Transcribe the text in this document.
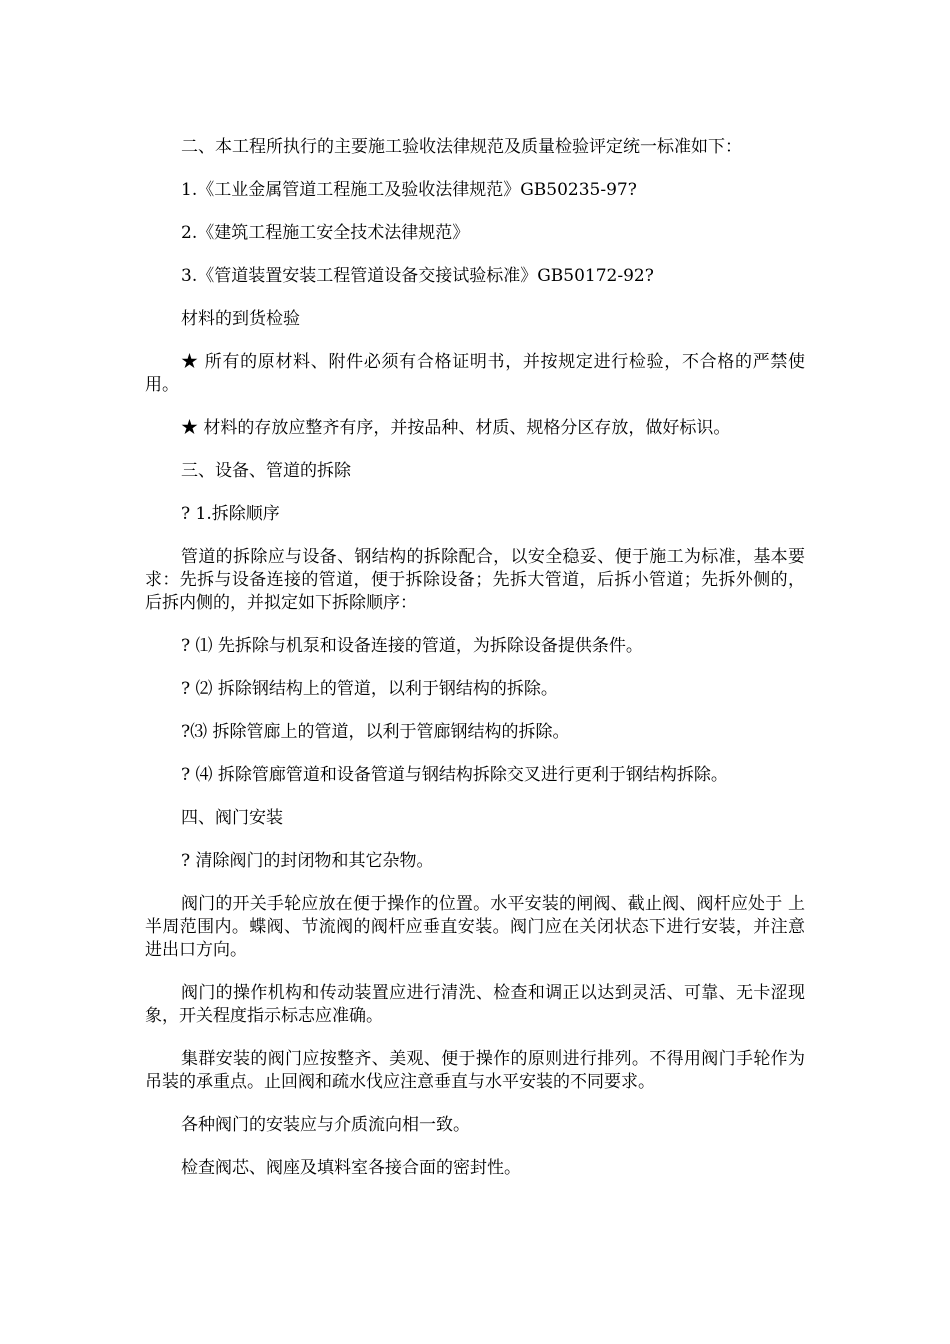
二、本工程所执行的主要施工验收法律规范及质量检验评定统一标准如下：

1.《工业金属管道工程施工及验收法律规范》GB50235-97?

2.《建筑工程施工安全技术法律规范》

3.《管道装置安装工程管道设备交接试验标准》GB50172-92?

材料的到货检验

★ 所有的原材料、附件必须有合格证明书，并按规定进行检验，不合格的严禁使用。

★ 材料的存放应整齐有序，并按品种、材质、规格分区存放，做好标识。

三、设备、管道的拆除

? 1.拆除顺序

管道的拆除应与设备、钢结构的拆除配合，以安全稳妥、便于施工为标准，基本要求：先拆与设备连接的管道，便于拆除设备；先拆大管道，后拆小管道；先拆外侧的，后拆内侧的，并拟定如下拆除顺序：

? ⑴ 先拆除与机泵和设备连接的管道，为拆除设备提供条件。

? ⑵ 拆除钢结构上的管道，以利于钢结构的拆除。

?⑶ 拆除管廊上的管道，以利于管廊钢结构的拆除。

? ⑷ 拆除管廊管道和设备管道与钢结构拆除交叉进行更利于钢结构拆除。

四、阀门安装

? 清除阀门的封闭物和其它杂物。

阀门的开关手轮应放在便于操作的位置。水平安装的闸阀、截止阀、阀杆应处于 上半周范围内。蝶阀、节流阀的阀杆应垂直安装。阀门应在关闭状态下进行安装，并注意进出口方向。

阀门的操作机构和传动装置应进行清洗、检查和调正以达到灵活、可靠、无卡涩现象，开关程度指示标志应准确。

集群安装的阀门应按整齐、美观、便于操作的原则进行排列。不得用阀门手轮作为吊装的承重点。止回阀和疏水伐应注意垂直与水平安装的不同要求。

各种阀门的安装应与介质流向相一致。

检查阀芯、阀座及填料室各接合面的密封性。
